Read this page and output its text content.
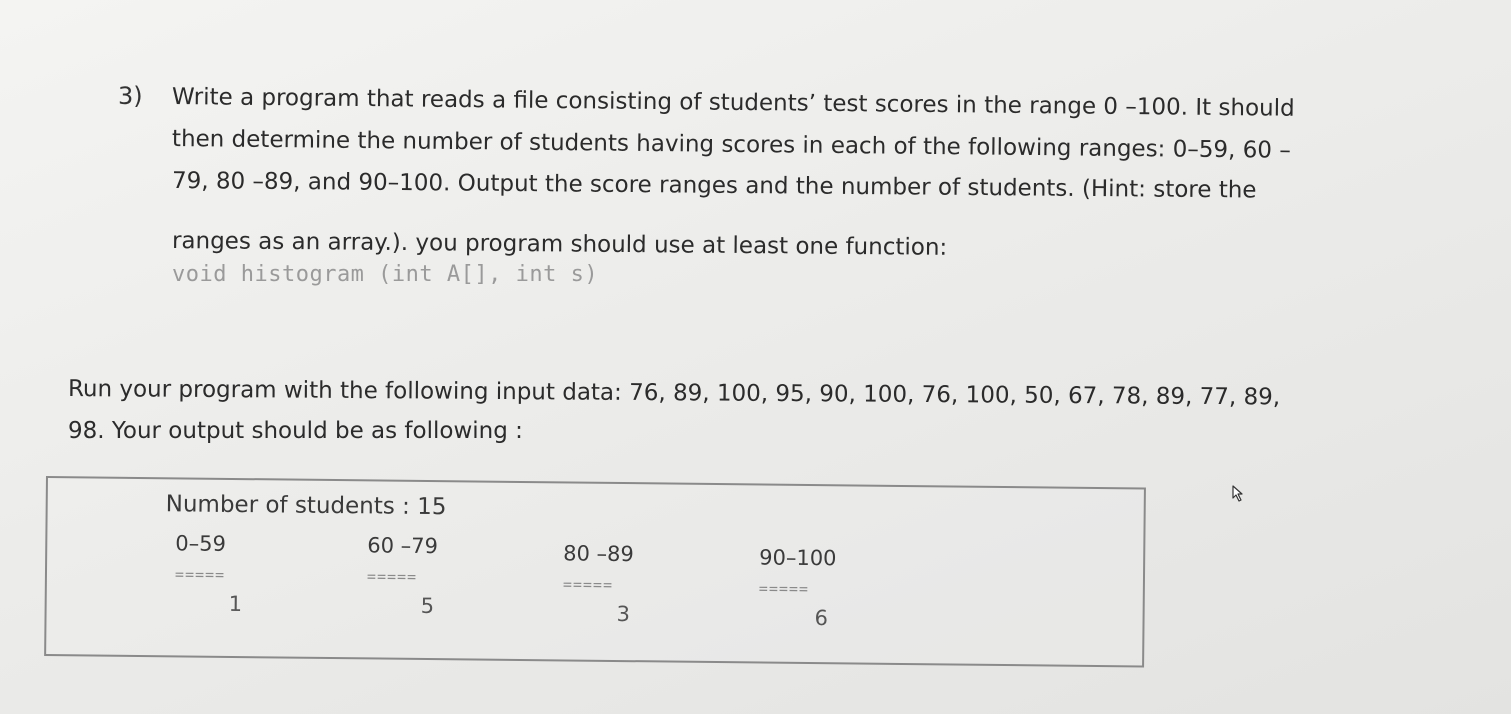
3) Write a program that reads a file consisting of students’ test scores in the range 0 –100. It should
then determine the number of students having scores in each of the following ranges: 0–59, 60 –
79, 80 –89, and 90–100. Output the score ranges and the number of students. (Hint: store the
ranges as an array.). you program should use at least one function:
void histogram (int A[], int s)
Run your program with the following input data: 76, 89, 100, 95, 90, 100, 76, 100, 50, 67, 78, 89, 77, 89,
98. Your output should be as following :
Number of students : 15
0–59
=====
1
60 –79
=====
5
80 –89
=====
3
90–100
=====
6
